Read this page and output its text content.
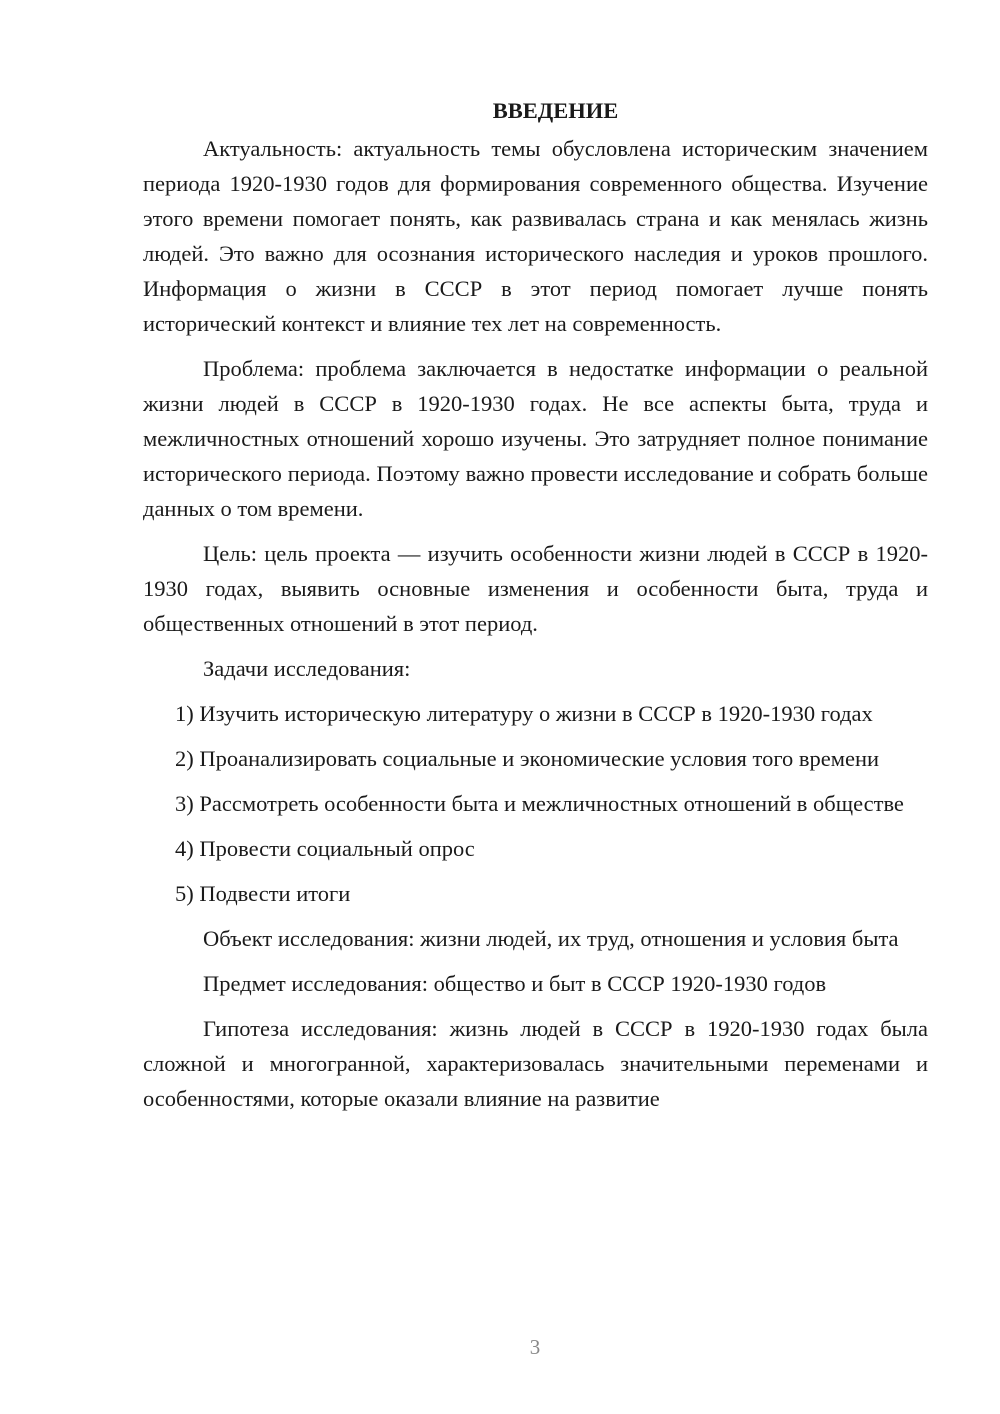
ВВЕДЕНИЕ

Актуальность: актуальность темы обусловлена историческим значением периода 1920-1930 годов для формирования современного общества. Изучение этого времени помогает понять, как развивалась страна и как менялась жизнь людей. Это важно для осознания исторического наследия и уроков прошлого. Информация о жизни в СССР в этот период помогает лучше понять исторический контекст и влияние тех лет на современность.

Проблема: проблема заключается в недостатке информации о реальной жизни людей в СССР в 1920-1930 годах. Не все аспекты быта, труда и межличностных отношений хорошо изучены. Это затрудняет полное понимание исторического периода. Поэтому важно провести исследование и собрать больше данных о том времени.

Цель: цель проекта — изучить особенности жизни людей в СССР в 1920-1930 годах, выявить основные изменения и особенности быта, труда и общественных отношений в этот период.

Задачи исследования:

1) Изучить историческую литературу о жизни в СССР в 1920-1930 годах

2) Проанализировать социальные и экономические условия того времени

3) Рассмотреть особенности быта и межличностных отношений в обществе

4) Провести социальный опрос

5) Подвести итоги

Объект исследования: жизни людей, их труд, отношения и условия быта

Предмет исследования: общество и быт в СССР 1920-1930 годов

Гипотеза исследования: жизнь людей в СССР в 1920-1930 годах была сложной и многогранной, характеризовалась значительными переменами и особенностями, которые оказали влияние на развитие

3
